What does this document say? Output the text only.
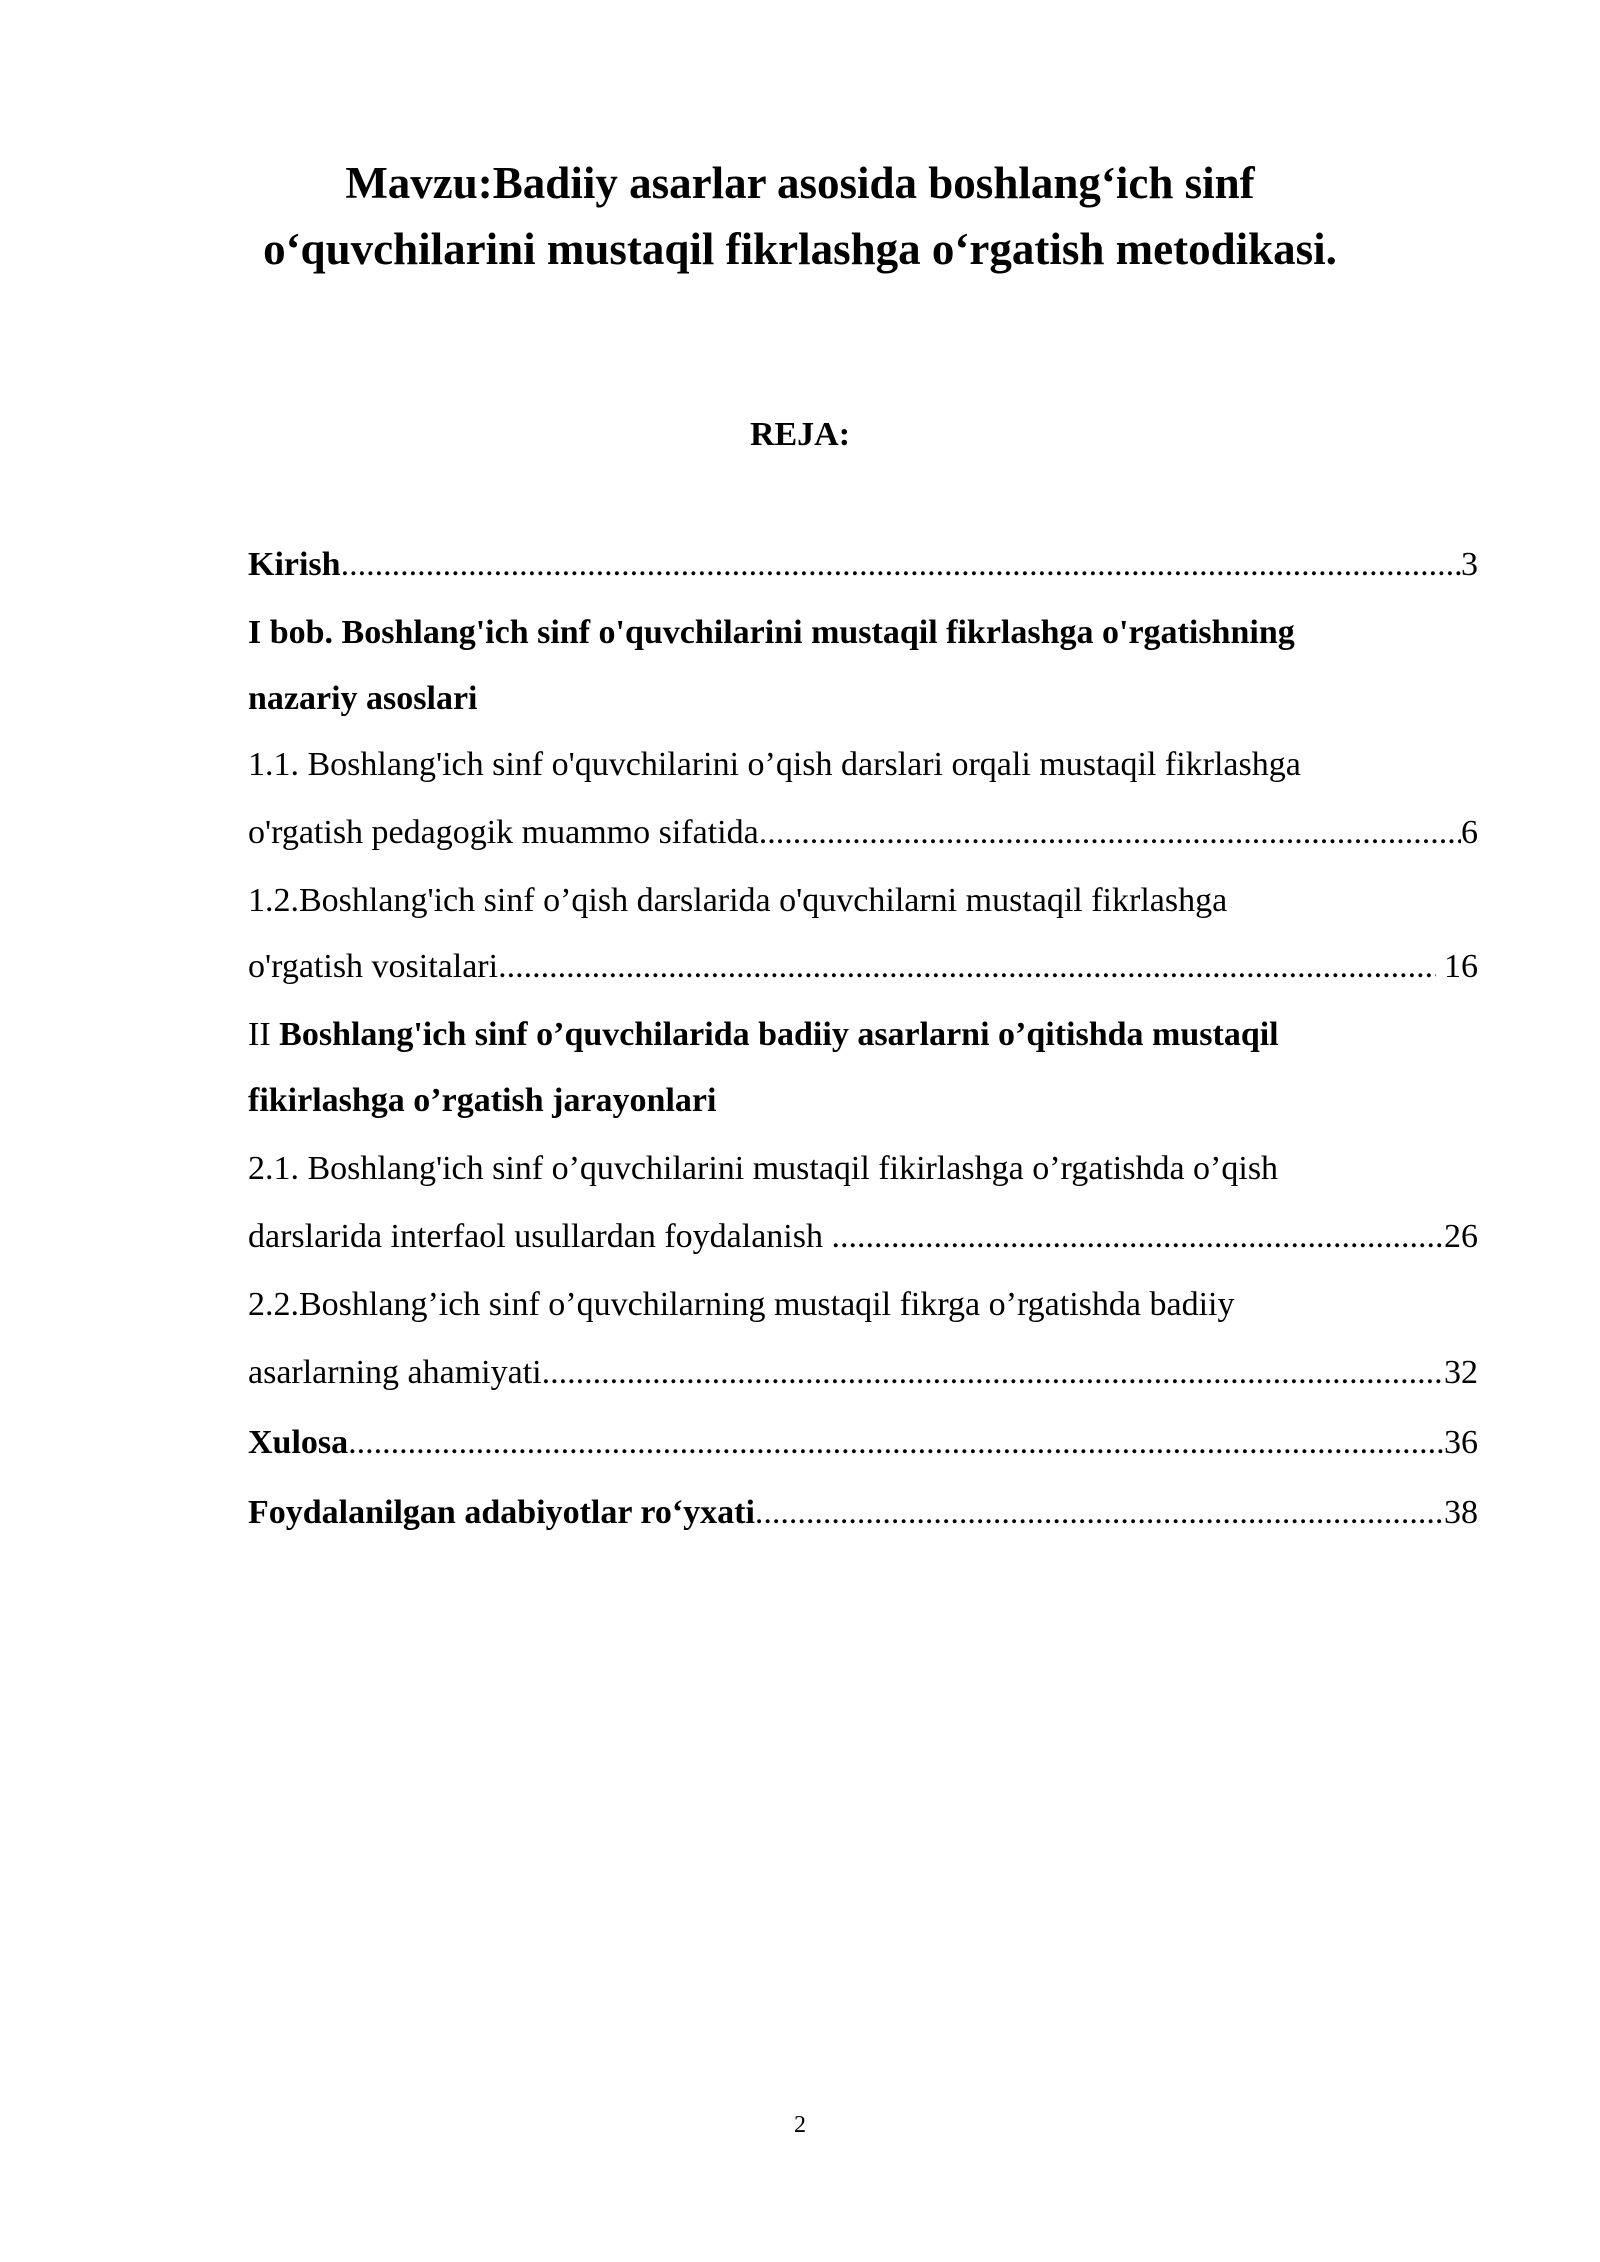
Mavzu:Badiiy asarlar asosida boshlang‘ich sinf
o‘quvchilarini mustaqil fikrlashga o‘rgatish metodikasi.
REJA:
Kirish .....	3
I bob. Boshlang'ich sinf o'quvchilarini mustaqil fikrlashga o'rgatishning
nazariy asoslari
1.1. Boshlang'ich sinf o'quvchilarini o’qish darslari orqali mustaqil fikrlashga
o'rgatish pedagogik muammo sifatida .....	6
1.2.Boshlang'ich sinf o’qish darslarida o'quvchilarni mustaqil fikrlashga
o'rgatish vositalari .....	16
II Boshlang'ich sinf o’quvchilarida badiiy asarlarni o’qitishda mustaqil
fikirlashga o’rgatish jarayonlari
2.1. Boshlang'ich sinf o’quvchilarini mustaqil fikirlashga o’rgatishda o’qish
darslarida interfaol usullardan foydalanish .....	26
2.2.Boshlang’ich sinf o’quvchilarning mustaqil fikrga o’rgatishda badiiy
asarlarning ahamiyati .....	32
Xulosa .....	36
Foydalanilgan adabiyotlar ro‘yxati .....	38
2
